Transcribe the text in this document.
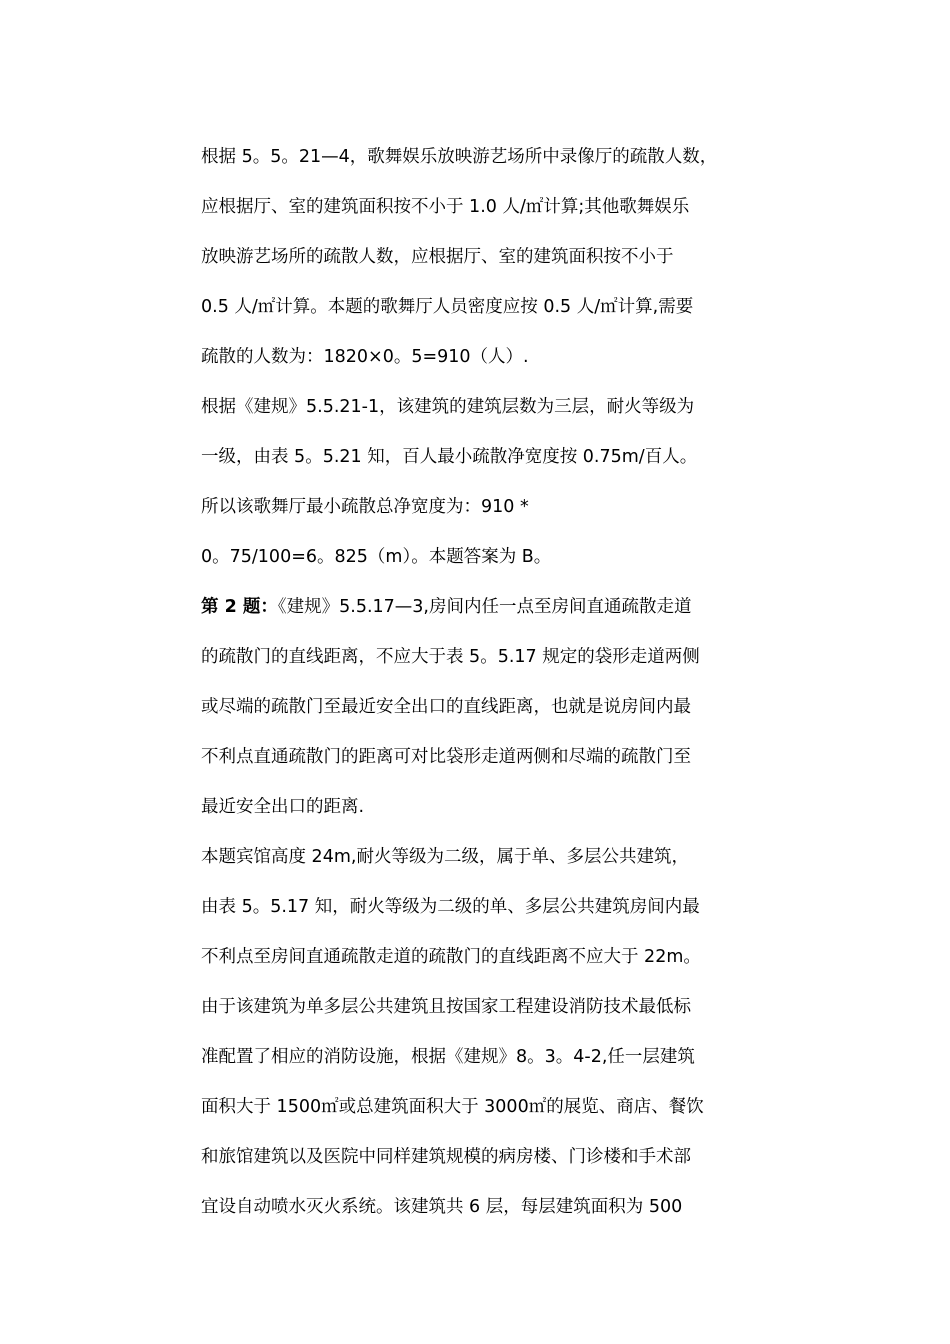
根据 5。5。21—4，歌舞娱乐放映游艺场所中录像厅的疏散人数，
应根据厅、室的建筑面积按不小于 1.0 人/㎡计算;其他歌舞娱乐
放映游艺场所的疏散人数，应根据厅、室的建筑面积按不小于
0.5 人/㎡计算。本题的歌舞厅人员密度应按 0.5 人/㎡计算,需要
疏散的人数为：1820×0。5=910（人）.
根据《建规》5.5.21-1，该建筑的建筑层数为三层，耐火等级为
一级，由表 5。5.21 知，百人最小疏散净宽度按 0.75m/百人。
所以该歌舞厅最小疏散总净宽度为：910 *
0。75/100=6。825（m）。本题答案为 B。
第 2 题：《建规》5.5.17—3,房间内任一点至房间直通疏散走道
的疏散门的直线距离，不应大于表 5。5.17 规定的袋形走道两侧
或尽端的疏散门至最近安全出口的直线距离，也就是说房间内最
不利点直通疏散门的距离可对比袋形走道两侧和尽端的疏散门至
最近安全出口的距离.
本题宾馆高度 24m,耐火等级为二级，属于单、多层公共建筑，
由表 5。5.17 知，耐火等级为二级的单、多层公共建筑房间内最
不利点至房间直通疏散走道的疏散门的直线距离不应大于 22m。
由于该建筑为单多层公共建筑且按国家工程建设消防技术最低标
准配置了相应的消防设施，根据《建规》8。3。4-2,任一层建筑
面积大于 1500㎡或总建筑面积大于 3000㎡的展览、商店、餐饮
和旅馆建筑以及医院中同样建筑规模的病房楼、门诊楼和手术部
宜设自动喷水灭火系统。该建筑共 6 层，每层建筑面积为 500
